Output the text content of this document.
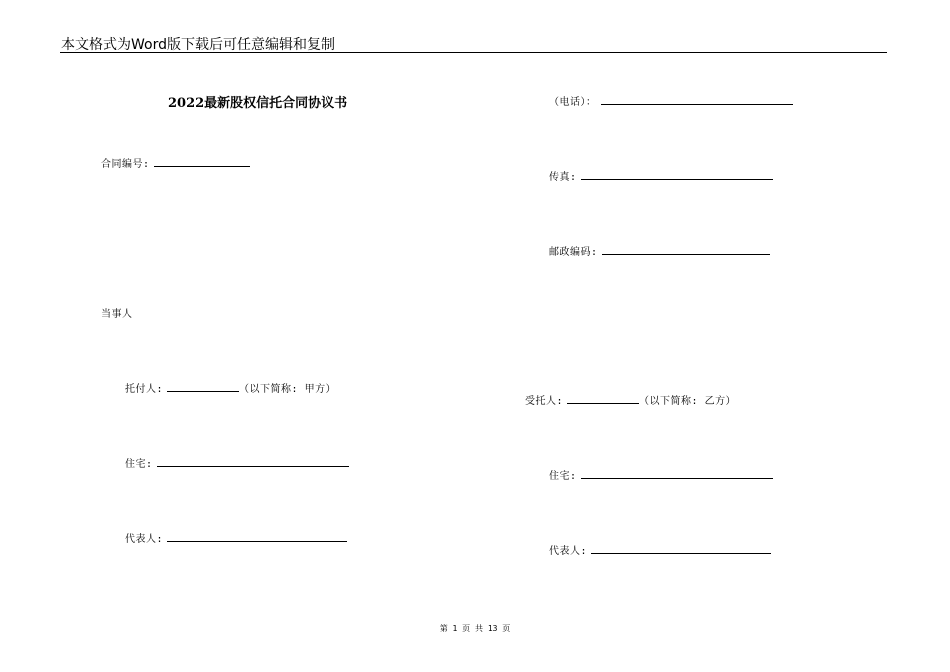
本文格式为Word版下载后可任意编辑和复制
2022最新股权信托合同协议书
合同编号:
当事人
托付人:	（以下简称: 甲方）
住宅:
代表人:
（电话）：
传真:
邮政编码:
受托人:	（以下简称: 乙方）
住宅:
代表人:
第 1 页 共 13 页
